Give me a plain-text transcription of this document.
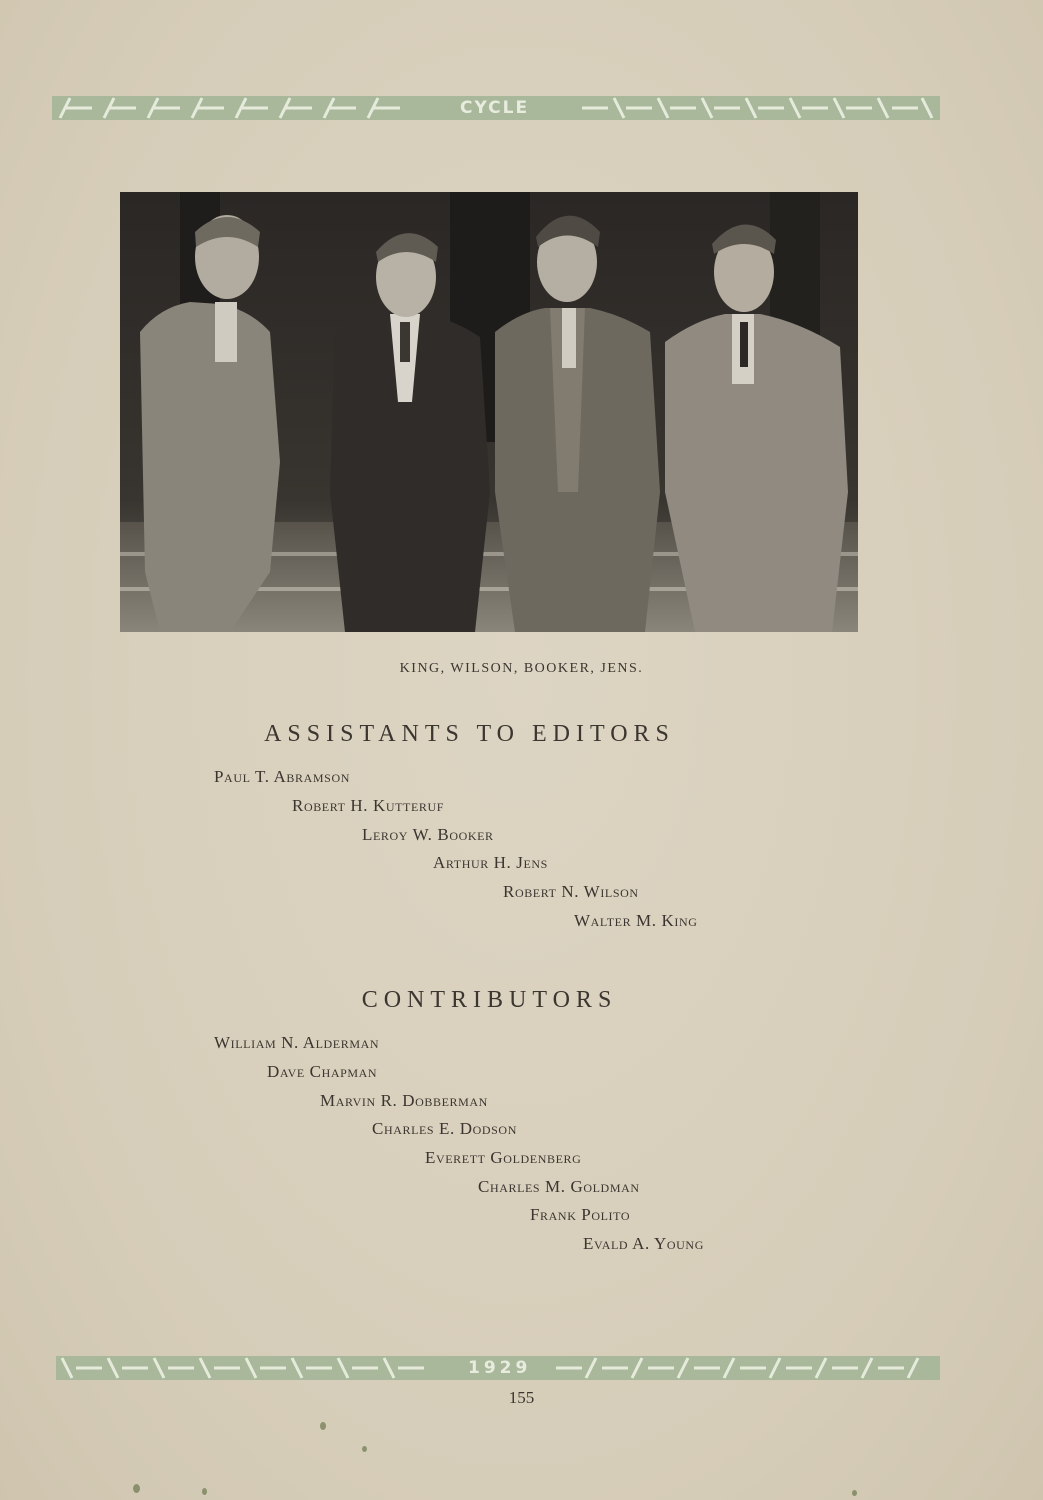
CYCLE
KING, WILSON, BOOKER, JENS.
ASSISTANTS TO EDITORS
Paul T. Abramson
Robert H. Kutteruf
Leroy W. Booker
Arthur H. Jens
Robert N. Wilson
Walter M. King
CONTRIBUTORS
William N. Alderman
Dave Chapman
Marvin R. Dobberman
Charles E. Dodson
Everett Goldenberg
Charles M. Goldman
Frank Polito
Evald A. Young
1929
155
